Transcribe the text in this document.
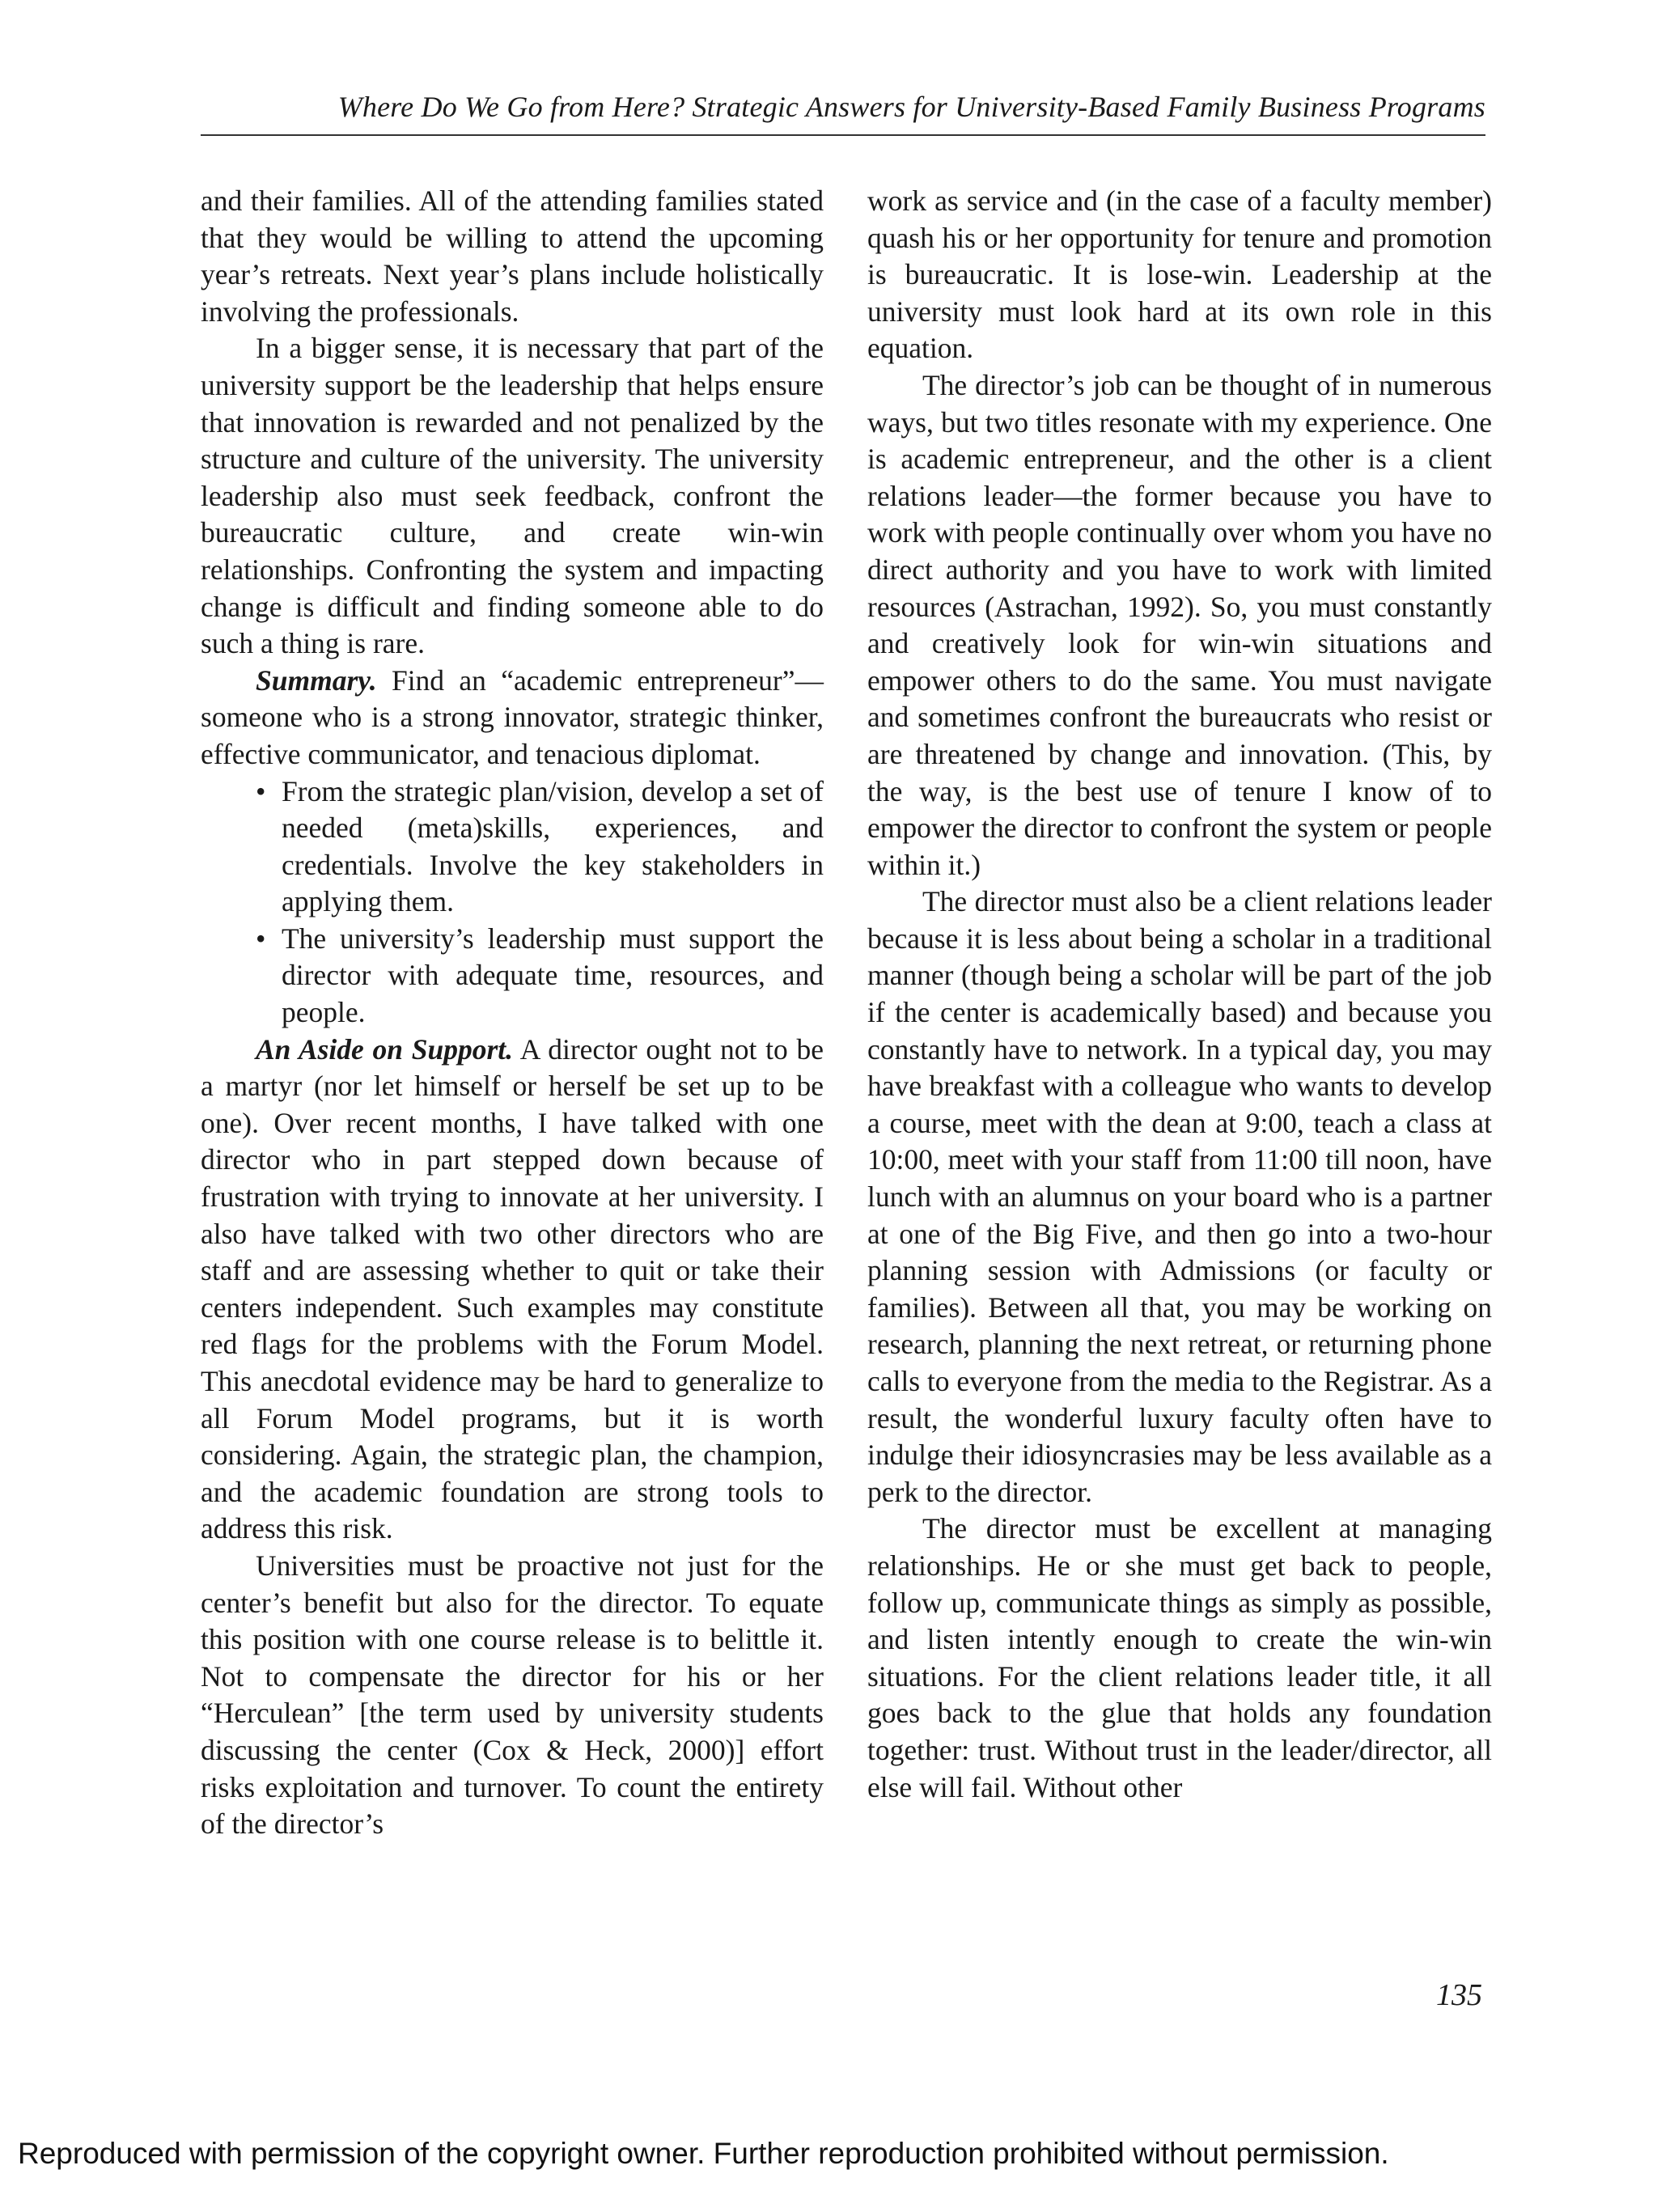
Where Do We Go from Here? Strategic Answers for University-Based Family Business Programs

and their families. All of the attending families stated that they would be willing to attend the upcoming year’s retreats. Next year’s plans include holistically involving the professionals.

In a bigger sense, it is necessary that part of the university support be the leadership that helps ensure that innovation is rewarded and not penalized by the structure and culture of the university. The university leadership also must seek feedback, confront the bureaucratic culture, and create win-win relationships. Confronting the system and impacting change is difficult and finding someone able to do such a thing is rare.

Summary. Find an “academic entrepreneur”—someone who is a strong innovator, strategic thinker, effective communicator, and tenacious diplomat.

• From the strategic plan/vision, develop a set of needed (meta)skills, experiences, and credentials. Involve the key stakeholders in applying them.
• The university’s leadership must support the director with adequate time, resources, and people.

An Aside on Support. A director ought not to be a martyr (nor let himself or herself be set up to be one). Over recent months, I have talked with one director who in part stepped down because of frustration with trying to innovate at her university. I also have talked with two other directors who are staff and are assessing whether to quit or take their centers independent. Such examples may constitute red flags for the problems with the Forum Model. This anecdotal evidence may be hard to generalize to all Forum Model programs, but it is worth considering. Again, the strategic plan, the champion, and the academic foundation are strong tools to address this risk.

Universities must be proactive not just for the center’s benefit but also for the director. To equate this position with one course release is to belittle it. Not to compensate the director for his or her “Herculean” [the term used by university students discussing the center (Cox & Heck, 2000)] effort risks exploitation and turnover. To count the entirety of the director’s

work as service and (in the case of a faculty member) quash his or her opportunity for tenure and promotion is bureaucratic. It is lose-win. Leadership at the university must look hard at its own role in this equation.

The director’s job can be thought of in numerous ways, but two titles resonate with my experience. One is academic entrepreneur, and the other is a client relations leader—the former because you have to work with people continually over whom you have no direct authority and you have to work with limited resources (Astrachan, 1992). So, you must constantly and creatively look for win-win situations and empower others to do the same. You must navigate and sometimes confront the bureaucrats who resist or are threatened by change and innovation. (This, by the way, is the best use of tenure I know of to empower the director to confront the system or people within it.)

The director must also be a client relations leader because it is less about being a scholar in a traditional manner (though being a scholar will be part of the job if the center is academically based) and because you constantly have to network. In a typical day, you may have breakfast with a colleague who wants to develop a course, meet with the dean at 9:00, teach a class at 10:00, meet with your staff from 11:00 till noon, have lunch with an alumnus on your board who is a partner at one of the Big Five, and then go into a two-hour planning session with Admissions (or faculty or families). Between all that, you may be working on research, planning the next retreat, or returning phone calls to everyone from the media to the Registrar. As a result, the wonderful luxury faculty often have to indulge their idiosyncrasies may be less available as a perk to the director.

The director must be excellent at managing relationships. He or she must get back to people, follow up, communicate things as simply as possible, and listen intently enough to create the win-win situations. For the client relations leader title, it all goes back to the glue that holds any foundation together: trust. Without trust in the leader/director, all else will fail. Without other

135
Reproduced with permission of the copyright owner. Further reproduction prohibited without permission.
